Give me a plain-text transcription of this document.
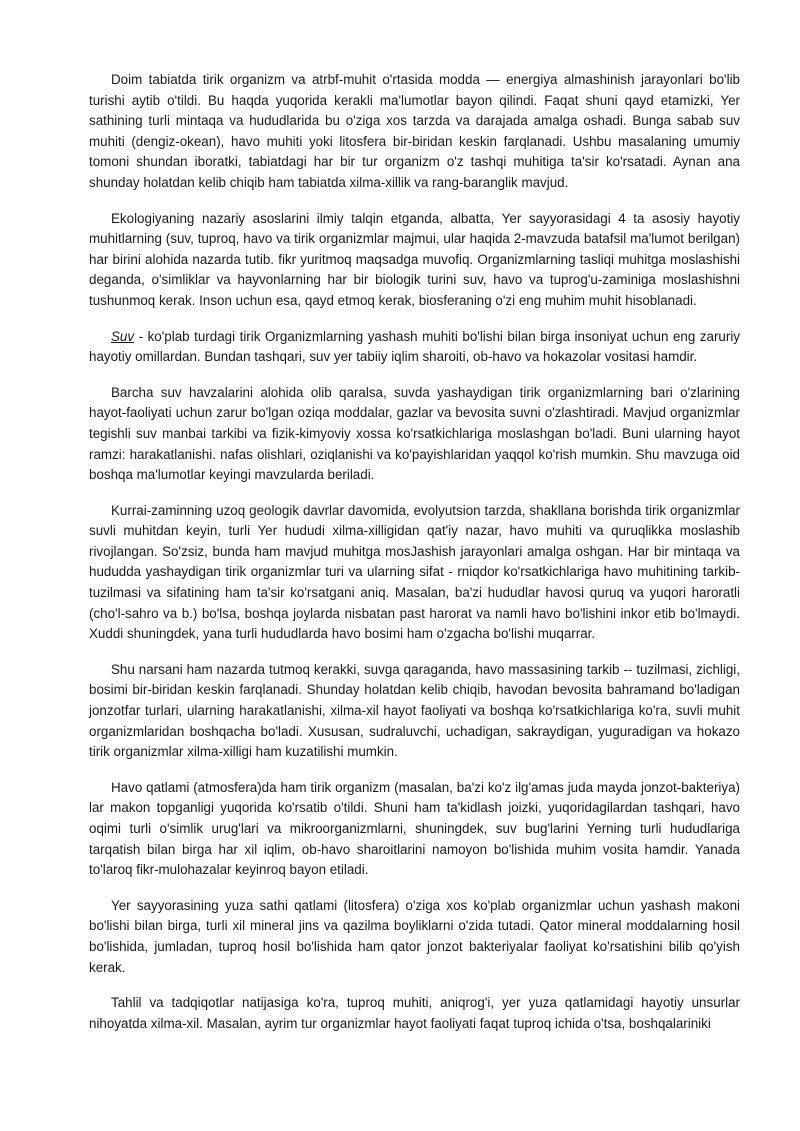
Doim tabiatda tirik organizm va atrbf-muhit o'rtasida modda — energiya almashinish jarayonlari bo'lib turishi aytib o'tildi. Bu haqda yuqorida kerakli ma'lumotlar bayon qilindi. Faqat shuni qayd etamizki, Yer sathining turli mintaqa va hududlarida bu o'ziga xos tarzda va darajada amalga oshadi. Bunga sabab suv muhiti (dengiz-okean), havo muhiti yoki litosfera bir-biridan keskin farqlanadi. Ushbu masalaning umumiy tomoni shundan iboratki, tabiatdagi har bir tur organizm o'z tashqi muhitiga ta'sir ko'rsatadi. Aynan ana shunday holatdan kelib chiqib ham tabiatda xilma-xillik va rang-baranglik mavjud.

Ekologiyaning nazariy asoslarini ilmiy talqin etganda, albatta, Yer sayyorasidagi 4 ta asosiy hayotiy muhitlarning (suv, tuproq, havo va tirik organizmlar majmui, ular haqida 2-mavzuda batafsil ma'lumot berilgan) har birini alohida nazarda tutib. fikr yuritmoq maqsadga muvofiq. Organizmlarning tasliqi muhitga moslashishi deganda, o'simliklar va hayvonlarning har bir biologik turini suv, havo va tuprog'u-zaminiga moslashishni tushunmoq kerak. Inson uchun esa, qayd etmoq kerak, biosferaning o'zi eng muhim muhit hisoblanadi.

Suv - ko'plab turdagi tirik Organizmlarning yashash muhiti bo'lishi bilan birga insoniyat uchun eng zaruriy hayotiy omillardan. Bundan tashqari, suv yer tabiiy iqlim sharoiti, ob-havo va hokazolar vositasi hamdir.

Barcha suv havzalarini alohida olib qaralsa, suvda yashaydigan tirik organizmlarning bari o'zlarining hayot-faoliyati uchun zarur bo'lgan oziqa moddalar, gazlar va bevosita suvni o'zlashtiradi. Mavjud organizmlar tegishli suv manbai tarkibi va fizik-kimyoviy xossa ko'rsatkichlariga moslashgan bo'ladi. Buni ularning hayot ramzi: harakatlanishi. nafas olishlari, oziqlanishi va ko'payishlaridan yaqqol ko'rish mumkin. Shu mavzuga oid boshqa ma'lumotlar keyingi mavzularda beriladi.

Kurrai-zaminning uzoq geologik davrlar davomida, evolyutsion tarzda, shakllana borishda tirik organizmlar suvli muhitdan keyin, turli Yer hududi xilma-xilligidan qat'iy nazar, havo muhiti va quruqlikka moslashib rivojlangan. So'zsiz, bunda ham mavjud muhitga mosJashish jarayonlari amalga oshgan. Har bir mintaqa va hududda yashaydigan tirik organizmlar turi va ularning sifat - rniqdor ko'rsatkichlariga havo muhitining tarkib-tuzilmasi va sifatining ham ta'sir ko'rsatgani aniq. Masalan, ba'zi hududlar havosi quruq va yuqori haroratli (cho'l-sahro va b.) bo'lsa, boshqa joylarda nisbatan past harorat va namli havo bo'lishini inkor etib bo'lmaydi. Xuddi shuningdek, yana turli hududlarda havo bosimi ham o'zgacha bo'lishi muqarrar.

Shu narsani ham nazarda tutmoq kerakki, suvga qaraganda, havo massasining tarkib -- tuzilmasi, zichligi, bosimi bir-biridan keskin farqlanadi. Shunday holatdan kelib chiqib, havodan bevosita bahramand bo'ladigan jonzotfar turlari, ularning harakatlanishi, xilma-xil hayot faoliyati va boshqa ko'rsatkichlariga ko'ra, suvli muhit organizmlaridan boshqacha bo'ladi. Xususan, sudraluvchi, uchadigan, sakraydigan, yuguradigan va hokazo tirik organizmlar xilma-xilligi ham kuzatilishi mumkin.

Havo qatlami (atmosfera)da ham tirik organizm (masalan, ba'zi ko'z ilg'amas juda mayda jonzot-bakteriya) lar makon topganligi yuqorida ko'rsatib o'tildi. Shuni ham ta'kidlash joizki, yuqoridagilardan tashqari, havo oqimi turli o'simlik urug'lari va mikroorganizmlarni, shuningdek, suv bug'larini Yerning turli hududlariga tarqatish bilan birga har xil iqlim, ob-havo sharoitlarini namoyon bo'lishida muhim vosita hamdir. Yanada to'laroq fikr-mulohazalar keyinroq bayon etiladi.

Yer sayyorasining yuza sathi qatlami (litosfera) o'ziga xos ko'plab organizmlar uchun yashash makoni bo'lishi bilan birga, turli xil mineral jins va qazilma boyliklarni o'zida tutadi. Qator mineral moddalarning hosil bo'lishida, jumladan, tuproq hosil bo'lishida ham qator jonzot bakteriyalar faoliyat ko'rsatishini bilib qo'yish kerak.

Tahlil va tadqiqotlar natijasiga ko'ra, tuproq muhiti, aniqrog'i, yer yuza qatlamidagi hayotiy unsurlar nihoyatda xilma-xil. Masalan, ayrim tur organizmlar hayot faoliyati faqat tuproq ichida o'tsa, boshqalariniki
